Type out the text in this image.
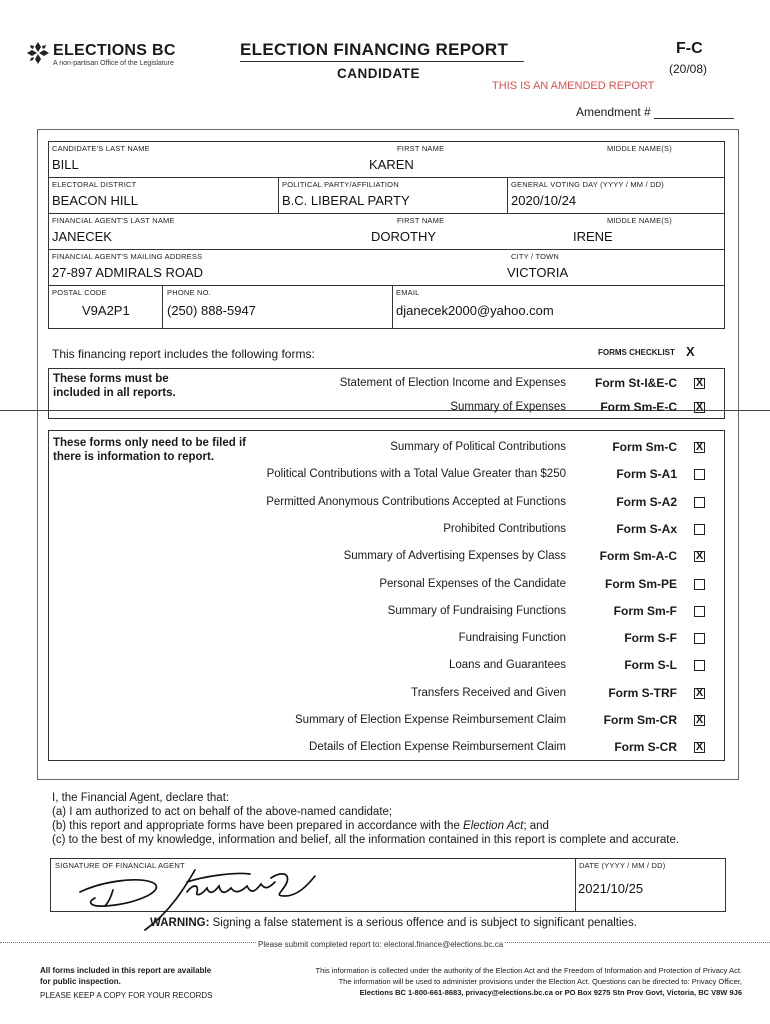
ELECTIONS BC
A non-partisan Office of the Legislature
ELECTION FINANCING REPORT
CANDIDATE
F-C
(20/08)
THIS IS AN AMENDED REPORT
Amendment #
CANDIDATE'S LAST NAME
BILL
FIRST NAME
KAREN
MIDDLE NAME(S)
ELECTORAL DISTRICT
BEACON HILL
POLITICAL PARTY/AFFILIATION
B.C. LIBERAL PARTY
GENERAL VOTING DAY (YYYY / MM / DD)
2020/10/24
FINANCIAL AGENT'S LAST NAME
JANECEK
FIRST NAME
DOROTHY
MIDDLE NAME(S)
IRENE
FINANCIAL AGENT'S MAILING ADDRESS
27-897 ADMIRALS ROAD
CITY / TOWN
VICTORIA
POSTAL CODE
V9A2P1
PHONE NO.
(250) 888-5947
EMAIL
djanecek2000@yahoo.com
This financing report includes the following forms:	FORMS CHECKLIST X
These forms must be included in all reports.
Statement of Election Income and Expenses Form St-I&E-C X
Summary of Expenses	Form Sm-E-C X
These forms only need to be filed if there is information to report.
Summary of Political Contributions	Form Sm-C X
Political Contributions with a Total Value Greater than $250	Form S-A1
Permitted Anonymous Contributions Accepted at Functions	Form S-A2
Prohibited Contributions	Form S-Ax
Summary of Advertising Expenses by Class	Form Sm-A-C X
Personal Expenses of the Candidate	Form Sm-PE
Summary of Fundraising Functions	Form Sm-F
Fundraising Function	Form S-F
Loans and Guarantees	Form S-L
Transfers Received and Given	Form S-TRF X
Summary of Election Expense Reimbursement Claim	Form Sm-CR X
Details of Election Expense Reimbursement Claim	Form S-CR X
I, the Financial Agent, declare that:
(a) I am authorized to act on behalf of the above-named candidate;
(b) this report and appropriate forms have been prepared in accordance with the Election Act; and
(c) to the best of my knowledge, information and belief, all the information contained in this report is complete and accurate.
SIGNATURE OF FINANCIAL AGENT	DATE (YYYY / MM / DD)
2021/10/25
WARNING: Signing a false statement is a serious offence and is subject to significant penalties.
Please submit completed report to: electoral.finance@elections.bc.ca
All forms included in this report are available
for public inspection.
PLEASE KEEP A COPY FOR YOUR RECORDS
This information is collected under the authority of the Election Act and the Freedom of Information and Protection of Privacy Act.
The information will be used to administer provisions under the Election Act. Questions can be directed to: Privacy Officer,
Elections BC 1-800-661-8683, privacy@elections.bc.ca or PO Box 9275 Stn Prov Govt, Victoria, BC V8W 9J6
